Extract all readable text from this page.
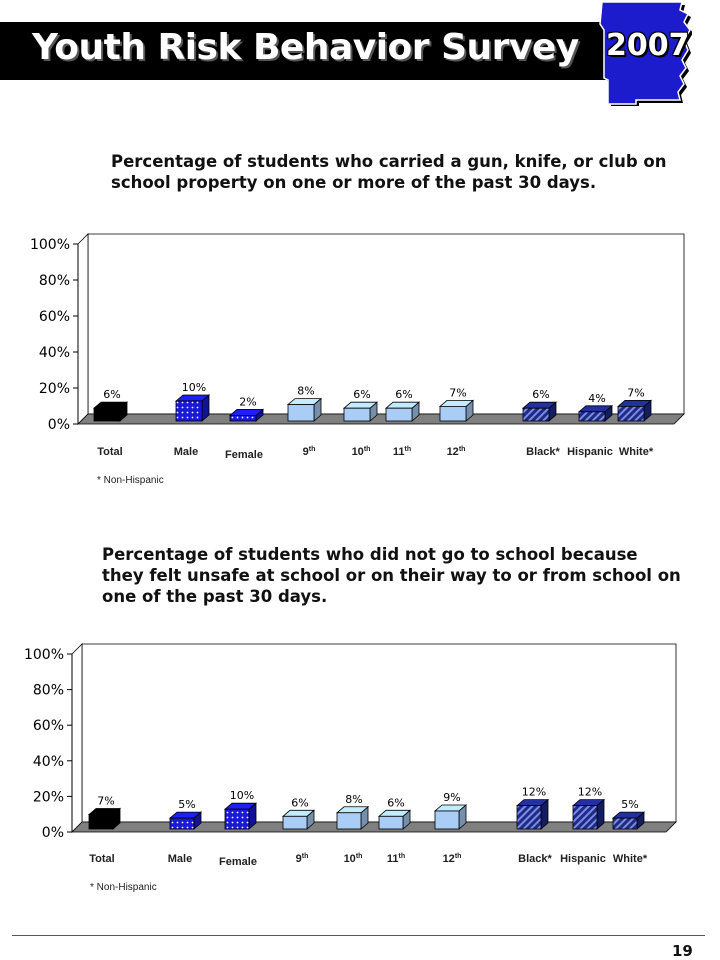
Youth Risk Behavior Survey 2007
Percentage of students who carried a gun, knife, or club on school property on one or more of the past 30 days.
Percentage of students who did not go to school because they felt unsafe at school or on their way to or from school on one of the past 30 days.
0%
20%
40%
60%
80%
100%
6%
Total
10%
Male
2%
Female
8%
9th
6%
10th
6%
11th
7%
12th
6%
Black*
4%
Hispanic
7%
White*
0%
20%
40%
60%
80%
100%
7%
Total
5%
Male
10%
Female
6%
9th
8%
10th
6%
11th
9%
12th
12%
Black*
12%
Hispanic
5%
White*
* Non-Hispanic
* Non-Hispanic
19
